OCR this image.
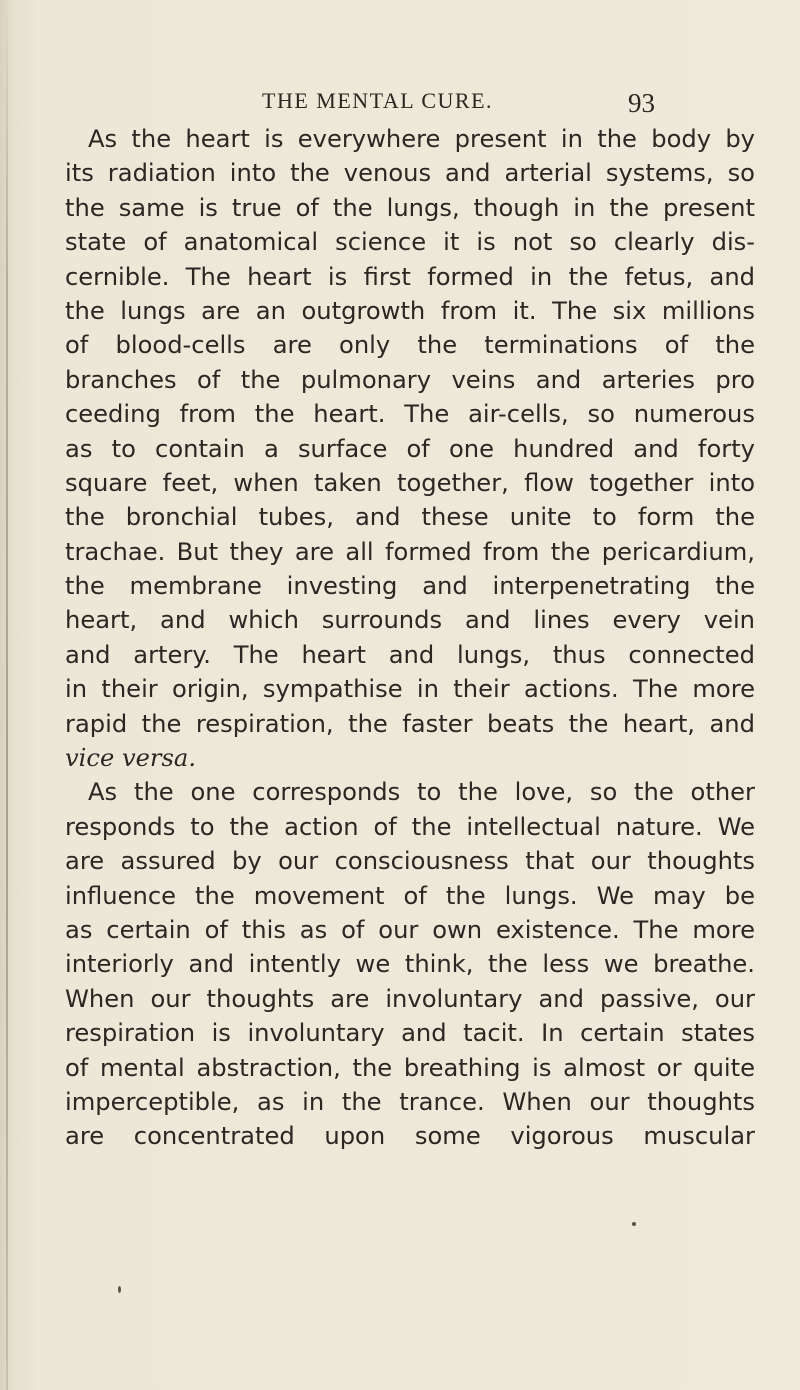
THE MENTAL CURE.	93
As the heart is everywhere present in the body by
its radiation into the venous and arterial systems, so
the same is true of the lungs, though in the present
state of anatomical science it is not so clearly dis-
cernible. The heart is first formed in the fetus, and
the lungs are an outgrowth from it. The six millions
of blood-cells are only the terminations of the
branches of the pulmonary veins and arteries pro
ceeding from the heart. The air-cells, so numerous
as to contain a surface of one hundred and forty
square feet, when taken together, flow together into
the bronchial tubes, and these unite to form the
trachae. But they are all formed from the pericardium,
the membrane investing and interpenetrating the
heart, and which surrounds and lines every vein
and artery. The heart and lungs, thus connected
in their origin, sympathise in their actions. The more
rapid the respiration, the faster beats the heart, and
vice versa.
As the one corresponds to the love, so the other
responds to the action of the intellectual nature. We
are assured by our consciousness that our thoughts
influence the movement of the lungs. We may be
as certain of this as of our own existence. The more
interiorly and intently we think, the less we breathe.
When our thoughts are involuntary and passive, our
respiration is involuntary and tacit. In certain states
of mental abstraction, the breathing is almost or quite
imperceptible, as in the trance. When our thoughts
are concentrated upon some vigorous muscular
